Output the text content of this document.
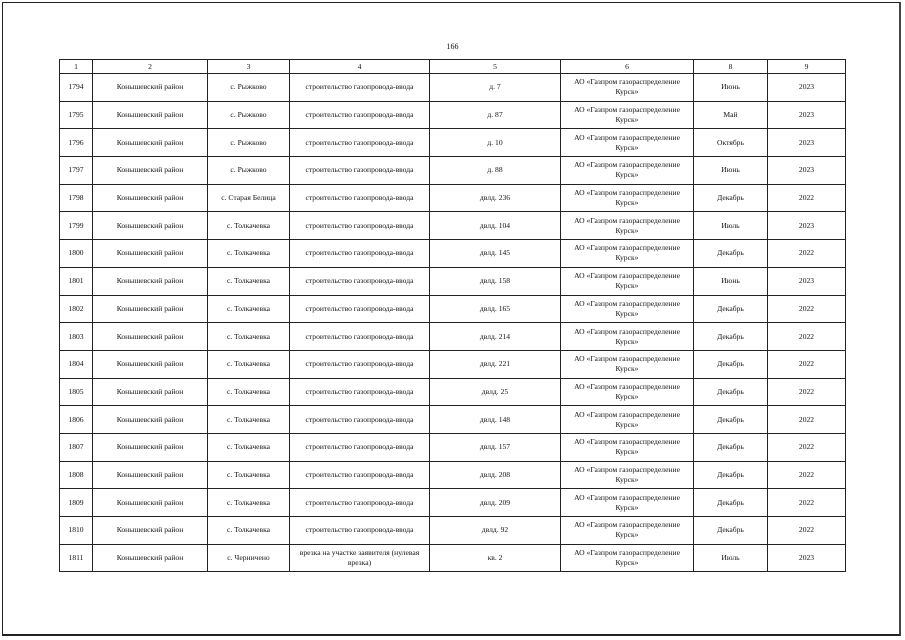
166
1	2	3	4	5	6	8	9
1794	Конышевский район	с. Рыжково	строительство газопровода-ввода	д. 7	АО «Газпром газораспределение Курск»	Июнь	2023
1795	Конышевский район	с. Рыжково	строительство газопровода-ввода	д. 87	АО «Газпром газораспределение Курск»	Май	2023
1796	Конышевский район	с. Рыжково	строительство газопровода-ввода	д. 10	АО «Газпром газораспределение Курск»	Октябрь	2023
1797	Конышевский район	с. Рыжково	строительство газопровода-ввода	д. 88	АО «Газпром газораспределение Курск»	Июнь	2023
1798	Конышевский район	с. Старая Белица	строительство газопровода-ввода	двлд. 236	АО «Газпром газораспределение Курск»	Декабрь	2022
1799	Конышевский район	с. Толкачевка	строительство газопровода-ввода	двлд. 104	АО «Газпром газораспределение Курск»	Июль	2023
1800	Конышевский район	с. Толкачевка	строительство газопровода-ввода	двлд. 145	АО «Газпром газораспределение Курск»	Декабрь	2022
1801	Конышевский район	с. Толкачевка	строительство газопровода-ввода	двлд. 158	АО «Газпром газораспределение Курск»	Июнь	2023
1802	Конышевский район	с. Толкачевка	строительство газопровода-ввода	двлд. 165	АО «Газпром газораспределение Курск»	Декабрь	2022
1803	Конышевский район	с. Толкачевка	строительство газопровода-ввода	двлд. 214	АО «Газпром газораспределение Курск»	Декабрь	2022
1804	Конышевский район	с. Толкачевка	строительство газопровода-ввода	двлд. 221	АО «Газпром газораспределение Курск»	Декабрь	2022
1805	Конышевский район	с. Толкачевка	строительство газопровода-ввода	двлд. 25	АО «Газпром газораспределение Курск»	Декабрь	2022
1806	Конышевский район	с. Толкачевка	строительство газопровода-ввода	двлд. 148	АО «Газпром газораспределение Курск»	Декабрь	2022
1807	Конышевский район	с. Толкачевка	строительство газопровода-ввода	двлд. 157	АО «Газпром газораспределение Курск»	Декабрь	2022
1808	Конышевский район	с. Толкачевка	строительство газопровода-ввода	двлд. 208	АО «Газпром газораспределение Курск»	Декабрь	2022
1809	Конышевский район	с. Толкачевка	строительство газопровода-ввода	двлд. 209	АО «Газпром газораспределение Курск»	Декабрь	2022
1810	Конышевский район	с. Толкачевка	строительство газопровода-ввода	двлд. 92	АО «Газпром газораспределение Курск»	Декабрь	2022
1811	Конышевский район	с. Черничено	врезка на участке заявителя (нулевая врезка)	кв. 2	АО «Газпром газораспределение Курск»	Июль	2023
